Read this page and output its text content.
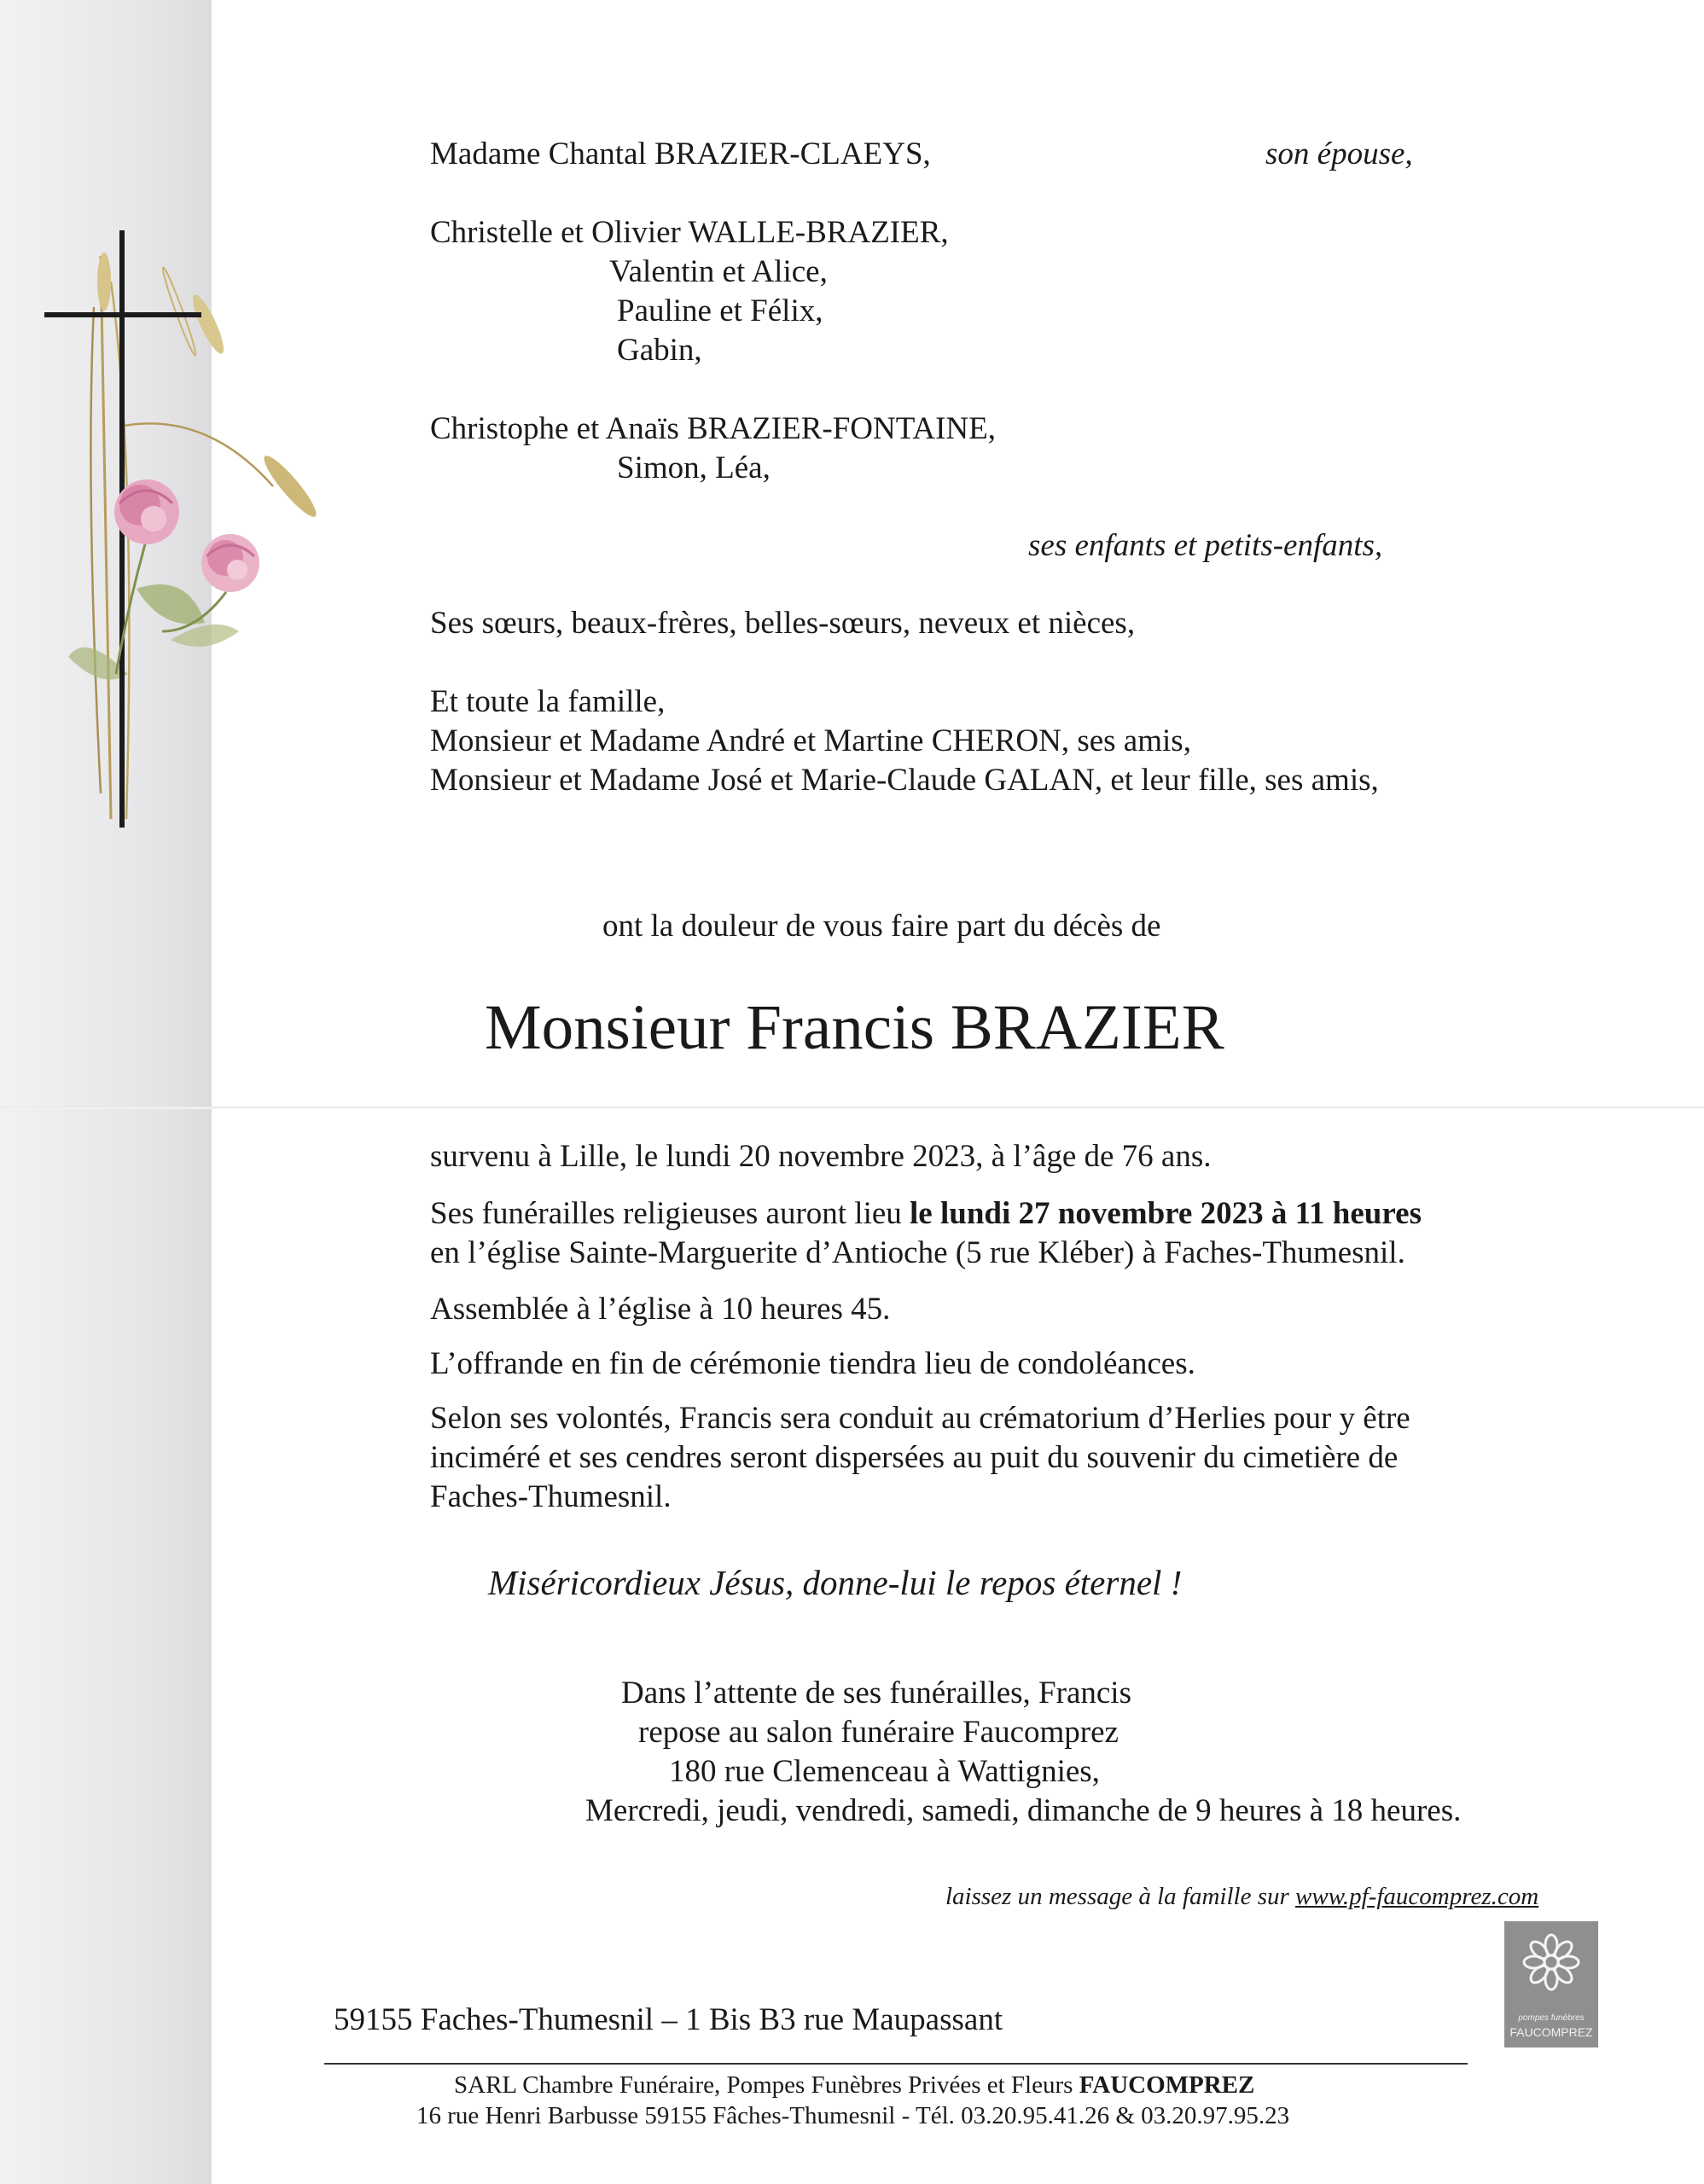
Madame Chantal BRAZIER-CLAEYS,	son épouse,
Christelle et Olivier WALLE-BRAZIER,
Valentin et Alice,
Pauline et Félix,
Gabin,
Christophe et Anaïs BRAZIER-FONTAINE,
Simon, Léa,
ses enfants et petits-enfants,
Ses sœurs, beaux-frères, belles-sœurs, neveux et nièces,
Et toute la famille,
Monsieur et Madame André et Martine CHERON, ses amis,
Monsieur et Madame José et Marie-Claude GALAN, et leur fille, ses amis,
ont la douleur de vous faire part du décès de
Monsieur Francis BRAZIER
survenu à Lille, le lundi 20 novembre 2023, à l’âge de 76 ans.
Ses funérailles religieuses auront lieu le lundi 27 novembre 2023 à 11 heures
en l’église Sainte-Marguerite d’Antioche (5 rue Kléber) à Faches-Thumesnil.
Assemblée à l’église à 10 heures 45.
L’offrande en fin de cérémonie tiendra lieu de condoléances.
Selon ses volontés, Francis sera conduit au crématorium d’Herlies pour y être
inciméré et ses cendres seront dispersées au puit du souvenir du cimetière de
Faches-Thumesnil.
Miséricordieux Jésus, donne-lui le repos éternel !
Dans l’attente de ses funérailles, Francis
repose au salon funéraire Faucomprez
180 rue Clemenceau à Wattignies,
Mercredi, jeudi, vendredi, samedi, dimanche de 9 heures à 18 heures.
laissez un message à la famille sur www.pf-faucomprez.com
pompes funèbres
FAUCOMPREZ
59155 Faches-Thumesnil – 1 Bis B3 rue Maupassant
SARL Chambre Funéraire, Pompes Funèbres Privées et Fleurs FAUCOMPREZ
16 rue Henri Barbusse 59155 Fâches-Thumesnil - Tél. 03.20.95.41.26 & 03.20.97.95.23
